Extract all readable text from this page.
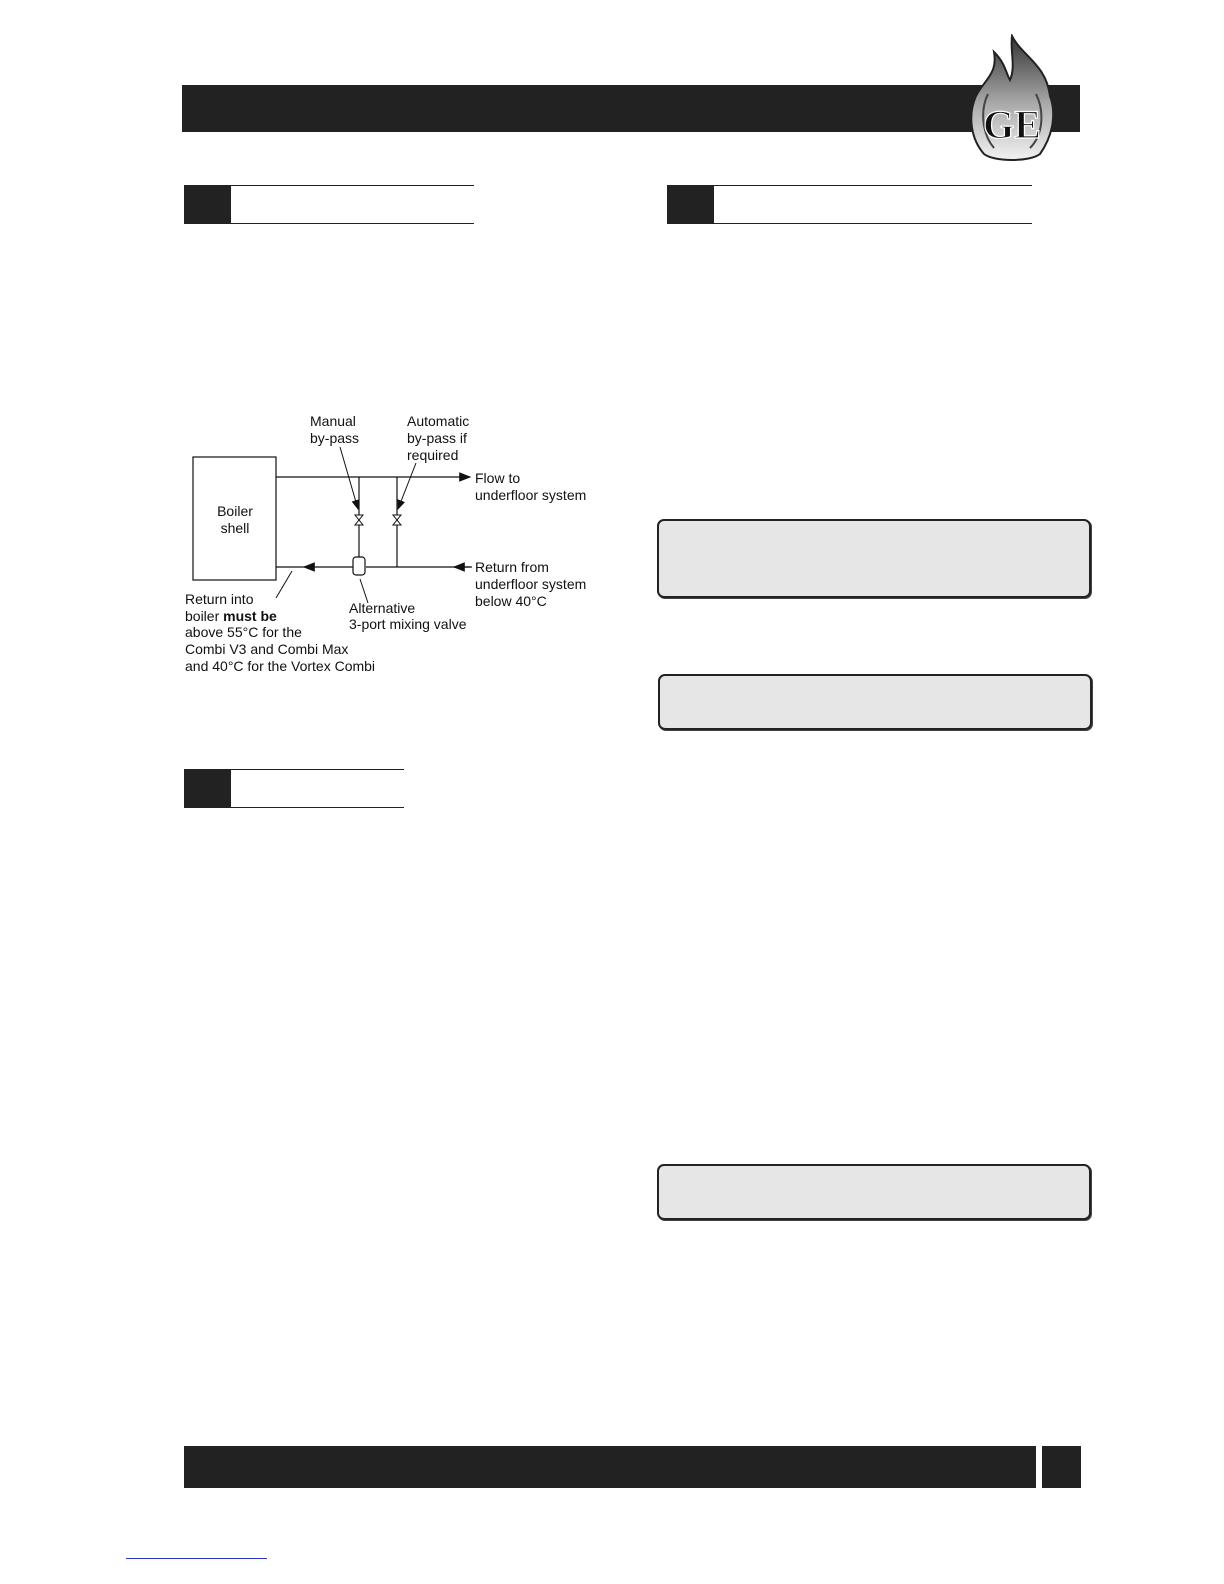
GE
Boiler
shell
Manual
by-pass
Automatic
by-pass if
required
Flow to
underfloor system
Return from
underfloor system
below 40°C
Alternative
3-port mixing valve
Return into
boiler must be
above 55°C for the
Combi V3 and Combi Max
and 40°C for the Vortex Combi
